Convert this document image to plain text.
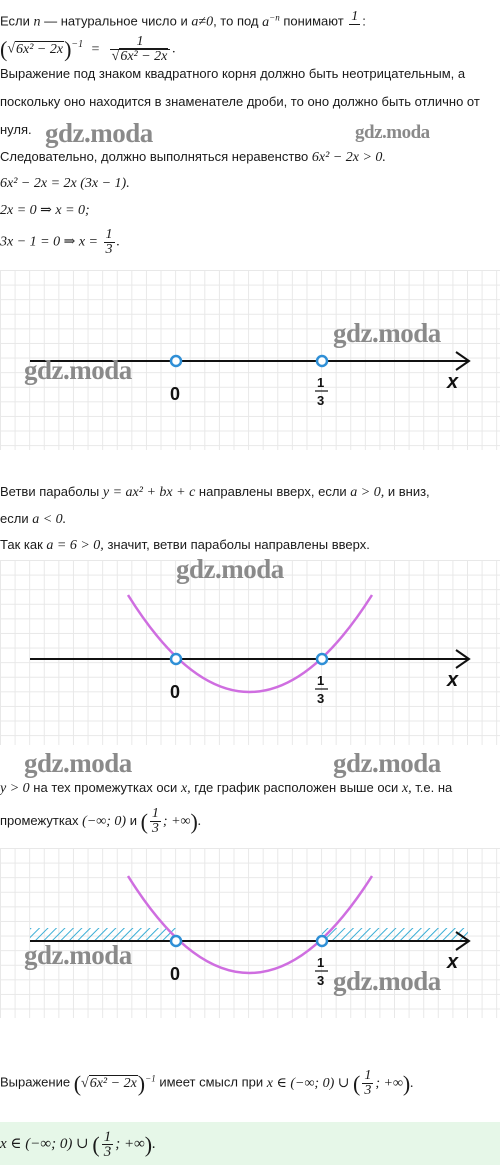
Если n — натуральное число и a≠0, то под $a^{-n}$ понимают 1 :
$(√6x^2 - 2x)^{-1} = \frac{1}{\text{√6x² − 2x}}$ .
Выражение под знаком квадратного корня должно быть неотрицательным, а поскольку оно находится в знаменателе дроби, то оно должно быть отлично от нуля.
Следовательно, должно выполняться неравенство 6x² − 2x > 0.
6x² − 2x = 2x (3x − 1).
2x = 0 ⇒ x = 0;
3x − 1 = 0 ⇒ $x = \frac{1}{3}$ .
gdz.moda	gdz.moda
0
1
3
x
gdz.moda
gdz.moda
Ветви параболы y = ax² + bx + c направлены вверх, если a > 0, и вниз,
если a < 0.
Так как a = 6 > 0, значит, ветви параболы направлены вверх.
0
1
3
x
gdz.moda
gdz.moda	gdz.moda
y > 0 на тех промежутках оси x, где график расположен выше оси x, т.е. на
промежутках (−∞; 0) и ( $\frac{1}{3}$ ; +∞).
0
1
3
x
gdz.moda
gdz.moda
Выражение $(√6x^2 - 2x)^{-1}$ имеет смысл при x ∈ (−∞; 0) ∪ ( $\frac{1}{3}$ ; +∞).
x ∈ (−∞; 0) ∪ ( $\frac{1}{3}$ ; +∞).
